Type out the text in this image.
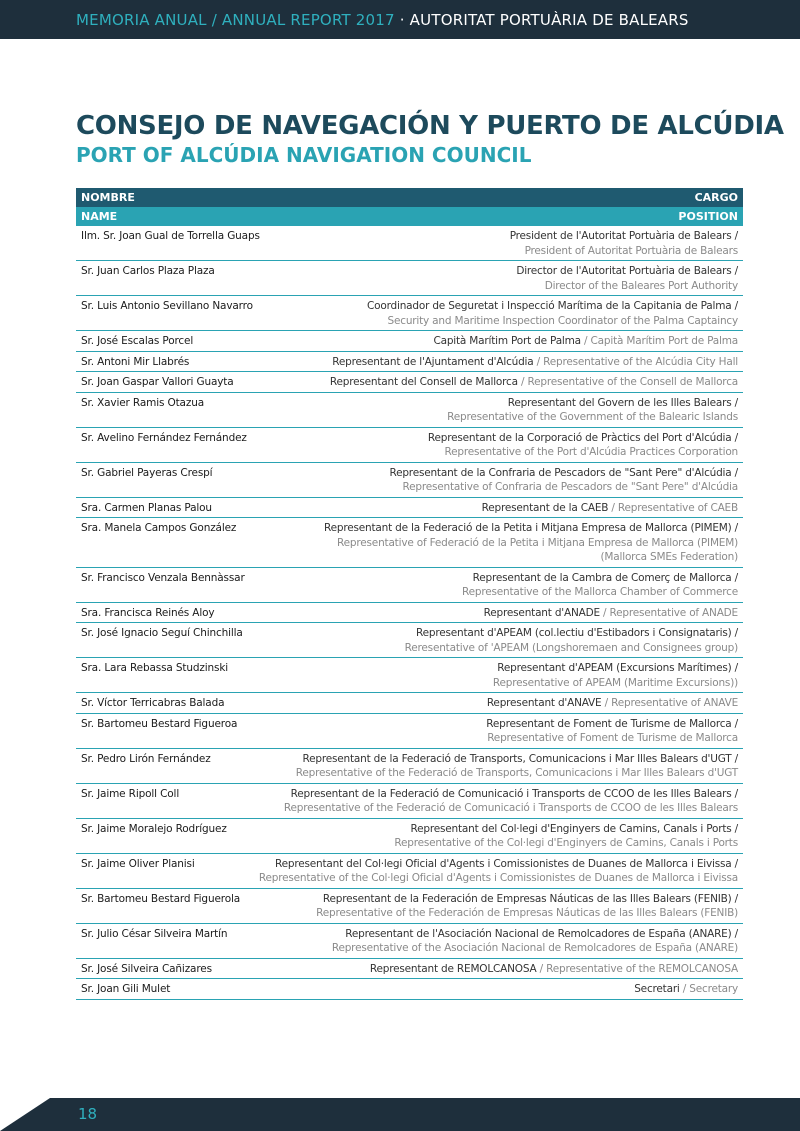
MEMORIA ANUAL / ANNUAL REPORT 2017 · AUTORITAT PORTUÀRIA DE BALEARS
CONSEJO DE NAVEGACIÓN Y PUERTO DE ALCÚDIA
PORT OF ALCÚDIA NAVIGATION COUNCIL
NOMBRE	CARGO
NAME	POSITION
Ilm. Sr. Joan Gual de Torrella Guaps	President de l'Autoritat Portuària de Balears /
President of Autoritat Portuària de Balears
Sr. Juan Carlos Plaza Plaza	Director de l'Autoritat Portuària de Balears /
Director of the Baleares Port Authority
Sr. Luis Antonio Sevillano Navarro	Coordinador de Seguretat i Inspecció Marítima de la Capitania de Palma /
Security and Maritime Inspection Coordinator of the Palma Captaincy
Sr. José Escalas Porcel	Capità Marítim Port de Palma / Capità Marítim Port de Palma
Sr. Antoni Mir Llabrés	Representant de l'Ajuntament d'Alcúdia / Representative of the Alcúdia City Hall
Sr. Joan Gaspar Vallori Guayta	Representant del Consell de Mallorca / Representative of the Consell de Mallorca
Sr. Xavier Ramis Otazua	Representant del Govern de les Illes Balears /
Representative of the Government of the Balearic Islands
Sr. Avelino Fernández Fernández	Representant de la Corporació de Pràctics del Port d'Alcúdia /
Representative of the Port d'Alcúdia Practices Corporation
Sr. Gabriel Payeras Crespí	Representant de la Confraria de Pescadors de "Sant Pere" d'Alcúdia /
Representative of Confraria de Pescadors de "Sant Pere" d'Alcúdia
Sra. Carmen Planas Palou	Representant de la CAEB / Representative of CAEB
Sra. Manela Campos González	Representant de la Federació de la Petita i Mitjana Empresa de Mallorca (PIMEM) /
Representative of Federació de la Petita i Mitjana Empresa de Mallorca (PIMEM)
(Mallorca SMEs Federation)
Sr. Francisco Venzala Bennàssar	Representant de la Cambra de Comerç de Mallorca /
Representative of the Mallorca Chamber of Commerce
Sra. Francisca Reinés Aloy	Representant d'ANADE / Representative of ANADE
Sr. José Ignacio Seguí Chinchilla	Representant d'APEAM (col.lectiu d'Estibadors i Consignataris) /
Reresentative of 'APEAM (Longshoremaen and Consignees group)
Sra. Lara Rebassa Studzinski	Representant d'APEAM (Excursions Marítimes) /
Representative of APEAM (Maritime Excursions))
Sr. Víctor Terricabras Balada	Representant d'ANAVE / Representative of ANAVE
Sr. Bartomeu Bestard Figueroa	Representant de Foment de Turisme de Mallorca /
Representative of Foment de Turisme de Mallorca
Sr. Pedro Lirón Fernández	Representant de la Federació de Transports, Comunicacions i Mar Illes Balears d'UGT /
Representative of the Federació de Transports, Comunicacions i Mar Illes Balears d'UGT
Sr. Jaime Ripoll Coll	Representant de la Federació de Comunicació i Transports de CCOO de les Illes Balears /
Representative of the Federació de Comunicació i Transports de CCOO de les Illes Balears
Sr. Jaime Moralejo Rodríguez	Representant del Col·legi d'Enginyers de Camins, Canals i Ports /
Representative of the Col·legi d'Enginyers de Camins, Canals i Ports
Sr. Jaime Oliver Planisi	Representant del Col·legi Oficial d'Agents i Comissionistes de Duanes de Mallorca i Eivissa /
Representative of the Col·legi Oficial d'Agents i Comissionistes de Duanes de Mallorca i Eivissa
Sr. Bartomeu Bestard Figuerola	Representant de la Federación de Empresas Náuticas de las Illes Balears (FENIB) /
Representative of the Federación de Empresas Náuticas de las Illes Balears (FENIB)
Sr. Julio César Silveira Martín	Representant de l'Asociación Nacional de Remolcadores de España (ANARE) /
Representative of the Asociación Nacional de Remolcadores de España (ANARE)
Sr. José Silveira Cañizares	Representant de REMOLCANOSA / Representative of the REMOLCANOSA
Sr. Joan Gili Mulet	Secretari / Secretary
18
